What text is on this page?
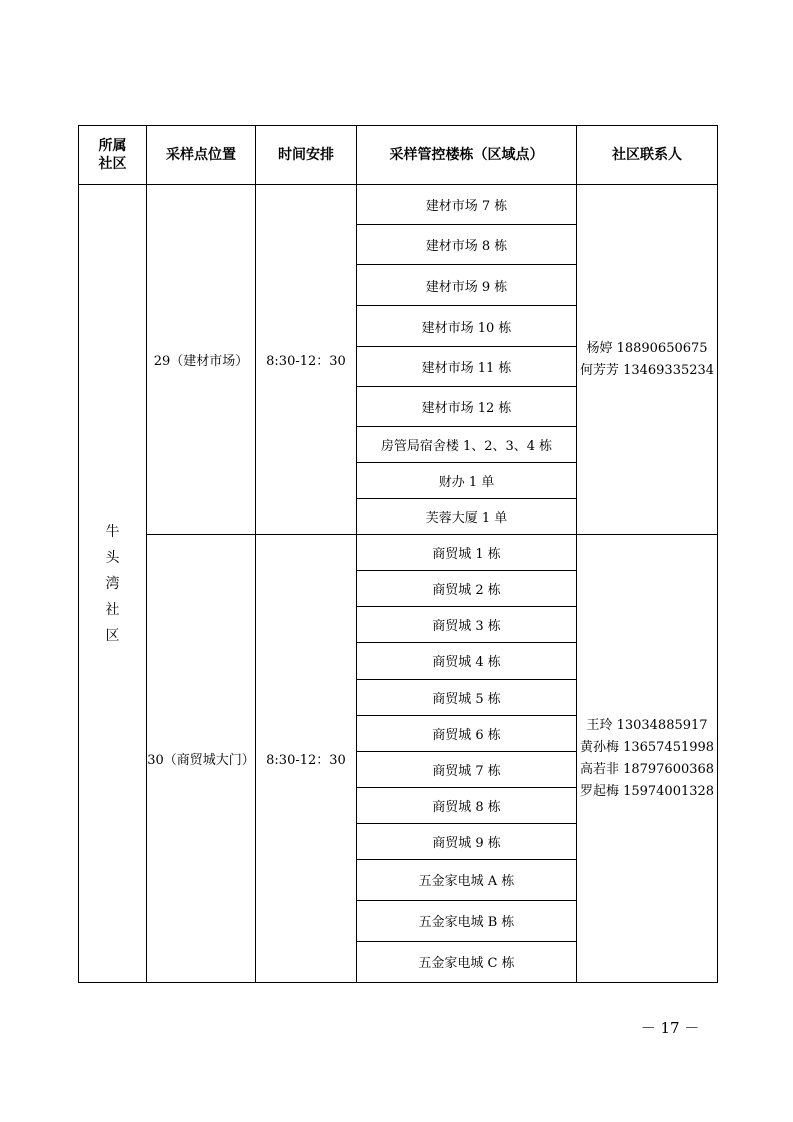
所属社区	采样点位置	时间安排	采样管控楼栋（区域点）	社区联系人
牛头湾社区	29（建材市场）	8:30-12：30	建材市场 7 栋	杨婷 18890650675
何芳芳 13469335234

			建材市场 8 栋	
			建材市场 9 栋	
			建材市场 10 栋	
			建材市场 11 栋	
			建材市场 12 栋	
			房管局宿舍楼 1、2、3、4 栋	
			财办 1 单	
			芙蓉大厦 1 单	
	30（商贸城大门）	8:30-12：30	商贸城 1 栋	王玲 13034885917
黄孙梅 13657451998
高若非 18797600368
罗起梅 15974001328

			商贸城 2 栋	
			商贸城 3 栋	
			商贸城 4 栋	
			商贸城 5 栋	
			商贸城 6 栋	
			商贸城 7 栋	
			商贸城 8 栋	
			商贸城 9 栋	
			五金家电城 A 栋	
			五金家电城 B 栋	
			五金家电城 C 栋	
－ 17 －
